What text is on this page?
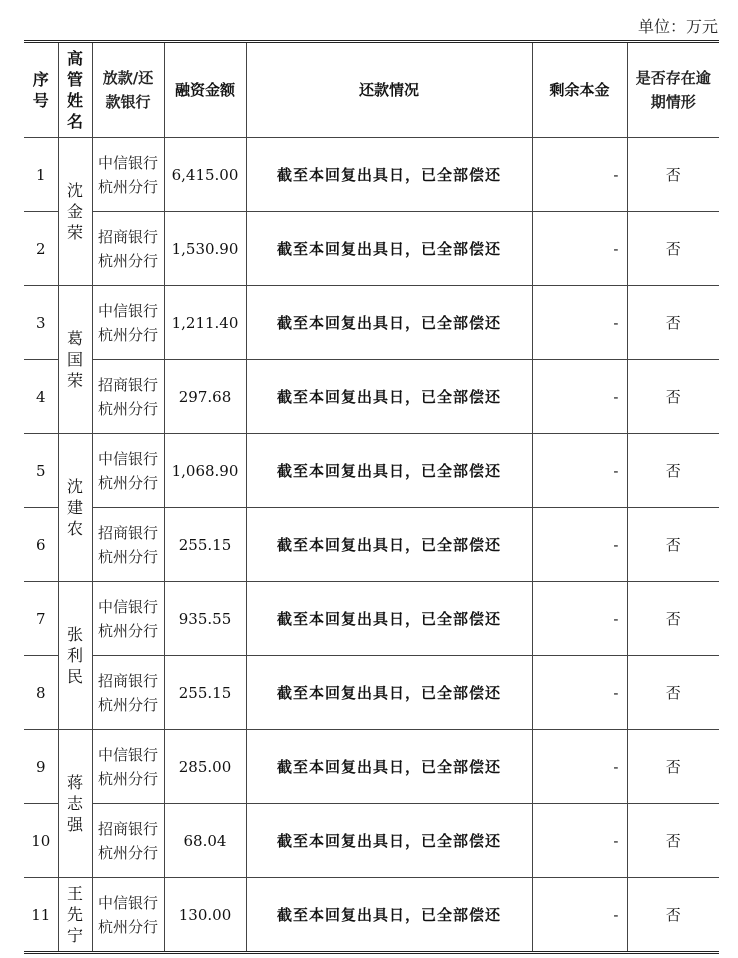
单位：万元
序号	高管姓名	放款/还款银行	融资金额	还款情况	剩余本金	是否存在逾期情形
1	沈金荣	中信银行杭州分行	6,415.00	截至本回复出具日，已全部偿还	-	否
2		招商银行杭州分行	1,530.90	截至本回复出具日，已全部偿还	-	否
3	葛国荣	中信银行杭州分行	1,211.40	截至本回复出具日，已全部偿还	-	否
4		招商银行杭州分行	297.68	截至本回复出具日，已全部偿还	-	否
5	沈建农	中信银行杭州分行	1,068.90	截至本回复出具日，已全部偿还	-	否
6		招商银行杭州分行	255.15	截至本回复出具日，已全部偿还	-	否
7	张利民	中信银行杭州分行	935.55	截至本回复出具日，已全部偿还	-	否
8		招商银行杭州分行	255.15	截至本回复出具日，已全部偿还	-	否
9	蒋志强	中信银行杭州分行	285.00	截至本回复出具日，已全部偿还	-	否
10		招商银行杭州分行	68.04	截至本回复出具日，已全部偿还	-	否
11	王先宁	中信银行杭州分行	130.00	截至本回复出具日，已全部偿还	-	否
